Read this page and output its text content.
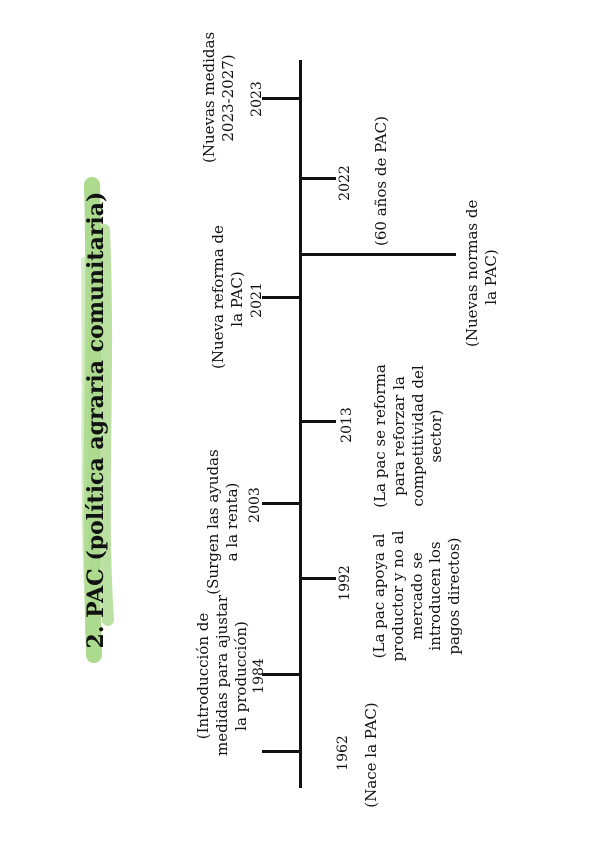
2. PAC (política agraria comunitaria)
1962
1984
1992
2003
2013
2021
2022
2023
(Nace la PAC)
(Introducción de medidas para ajustar la producción)
(La pac apoya al productor y no al mercado se introducen los pagos directos)
(Surgen las ayudas a la renta)
(La pac se reforma para reforzar la competitividad del sector)
(Nueva reforma de la PAC)
(60 años de PAC)
(Nuevas normas de la PAC)
(Nuevas medidas 2023-2027)
